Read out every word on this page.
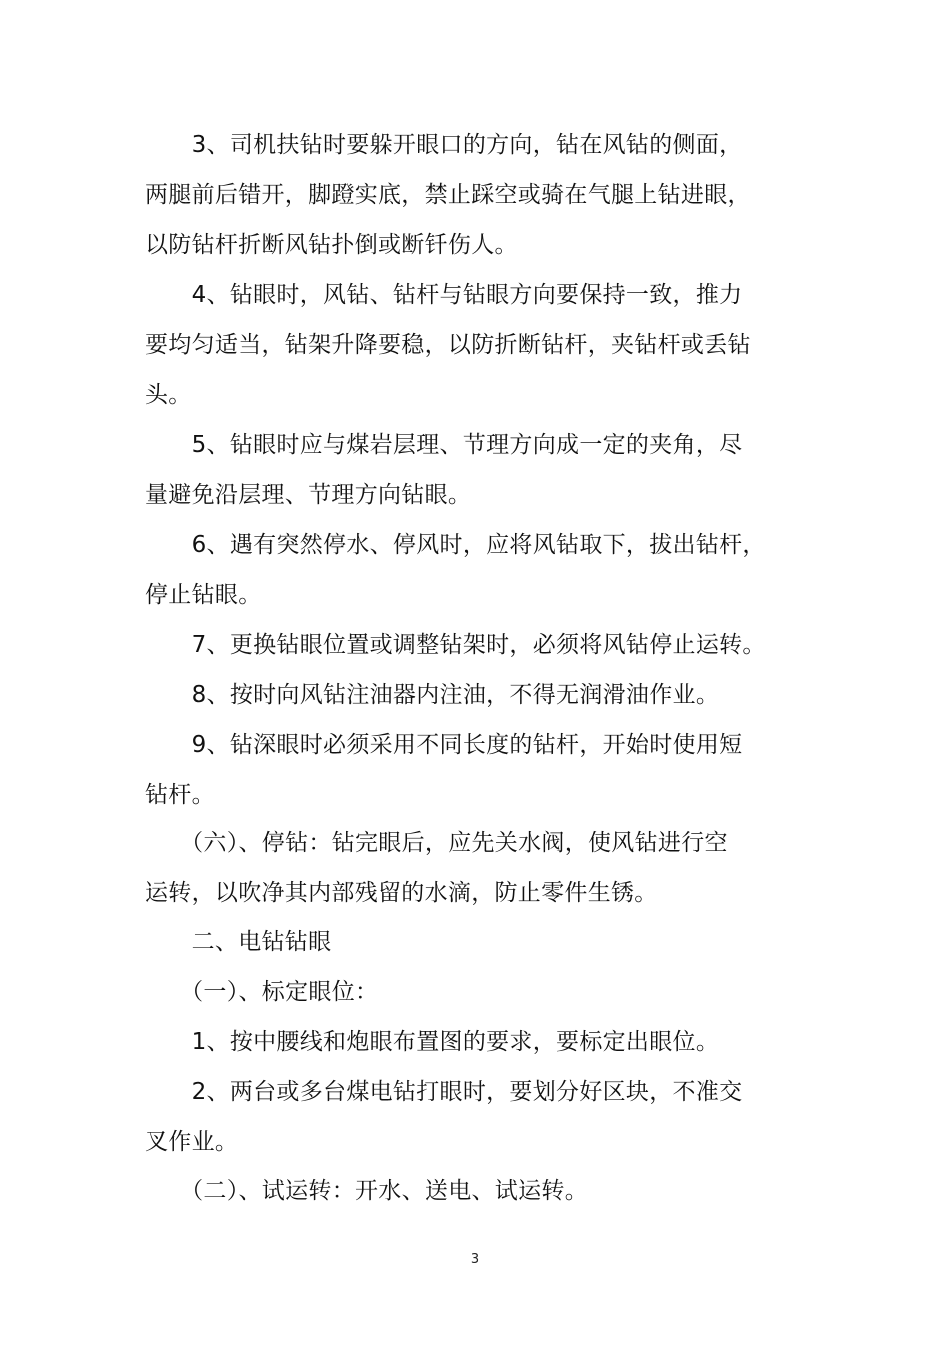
　　3、司机扶钻时要躲开眼口的方向，钻在风钻的侧面，
两腿前后错开，脚蹬实底，禁止踩空或骑在气腿上钻进眼，
以防钻杆折断风钻扑倒或断钎伤人。

　　4、钻眼时，风钻、钻杆与钻眼方向要保持一致，推力
要均匀适当，钻架升降要稳，以防折断钻杆，夹钻杆或丢钻
头。

　　5、钻眼时应与煤岩层理、节理方向成一定的夹角，尽
量避免沿层理、节理方向钻眼。

　　6、遇有突然停水、停风时，应将风钻取下，拔出钻杆，
停止钻眼。

　　7、更换钻眼位置或调整钻架时，必须将风钻停止运转。

　　8、按时向风钻注油器内注油，不得无润滑油作业。

　　9、钻深眼时必须采用不同长度的钻杆，开始时使用短
钻杆。

　　（六）、停钻：钻完眼后，应先关水阀，使风钻进行空
运转，以吹净其内部残留的水滴，防止零件生锈。

　　二、电钻钻眼

　　（一）、标定眼位：

　　1、按中腰线和炮眼布置图的要求，要标定出眼位。

　　2、两台或多台煤电钻打眼时，要划分好区块，不准交
叉作业。

　　（二）、试运转：开水、送电、试运转。

3
